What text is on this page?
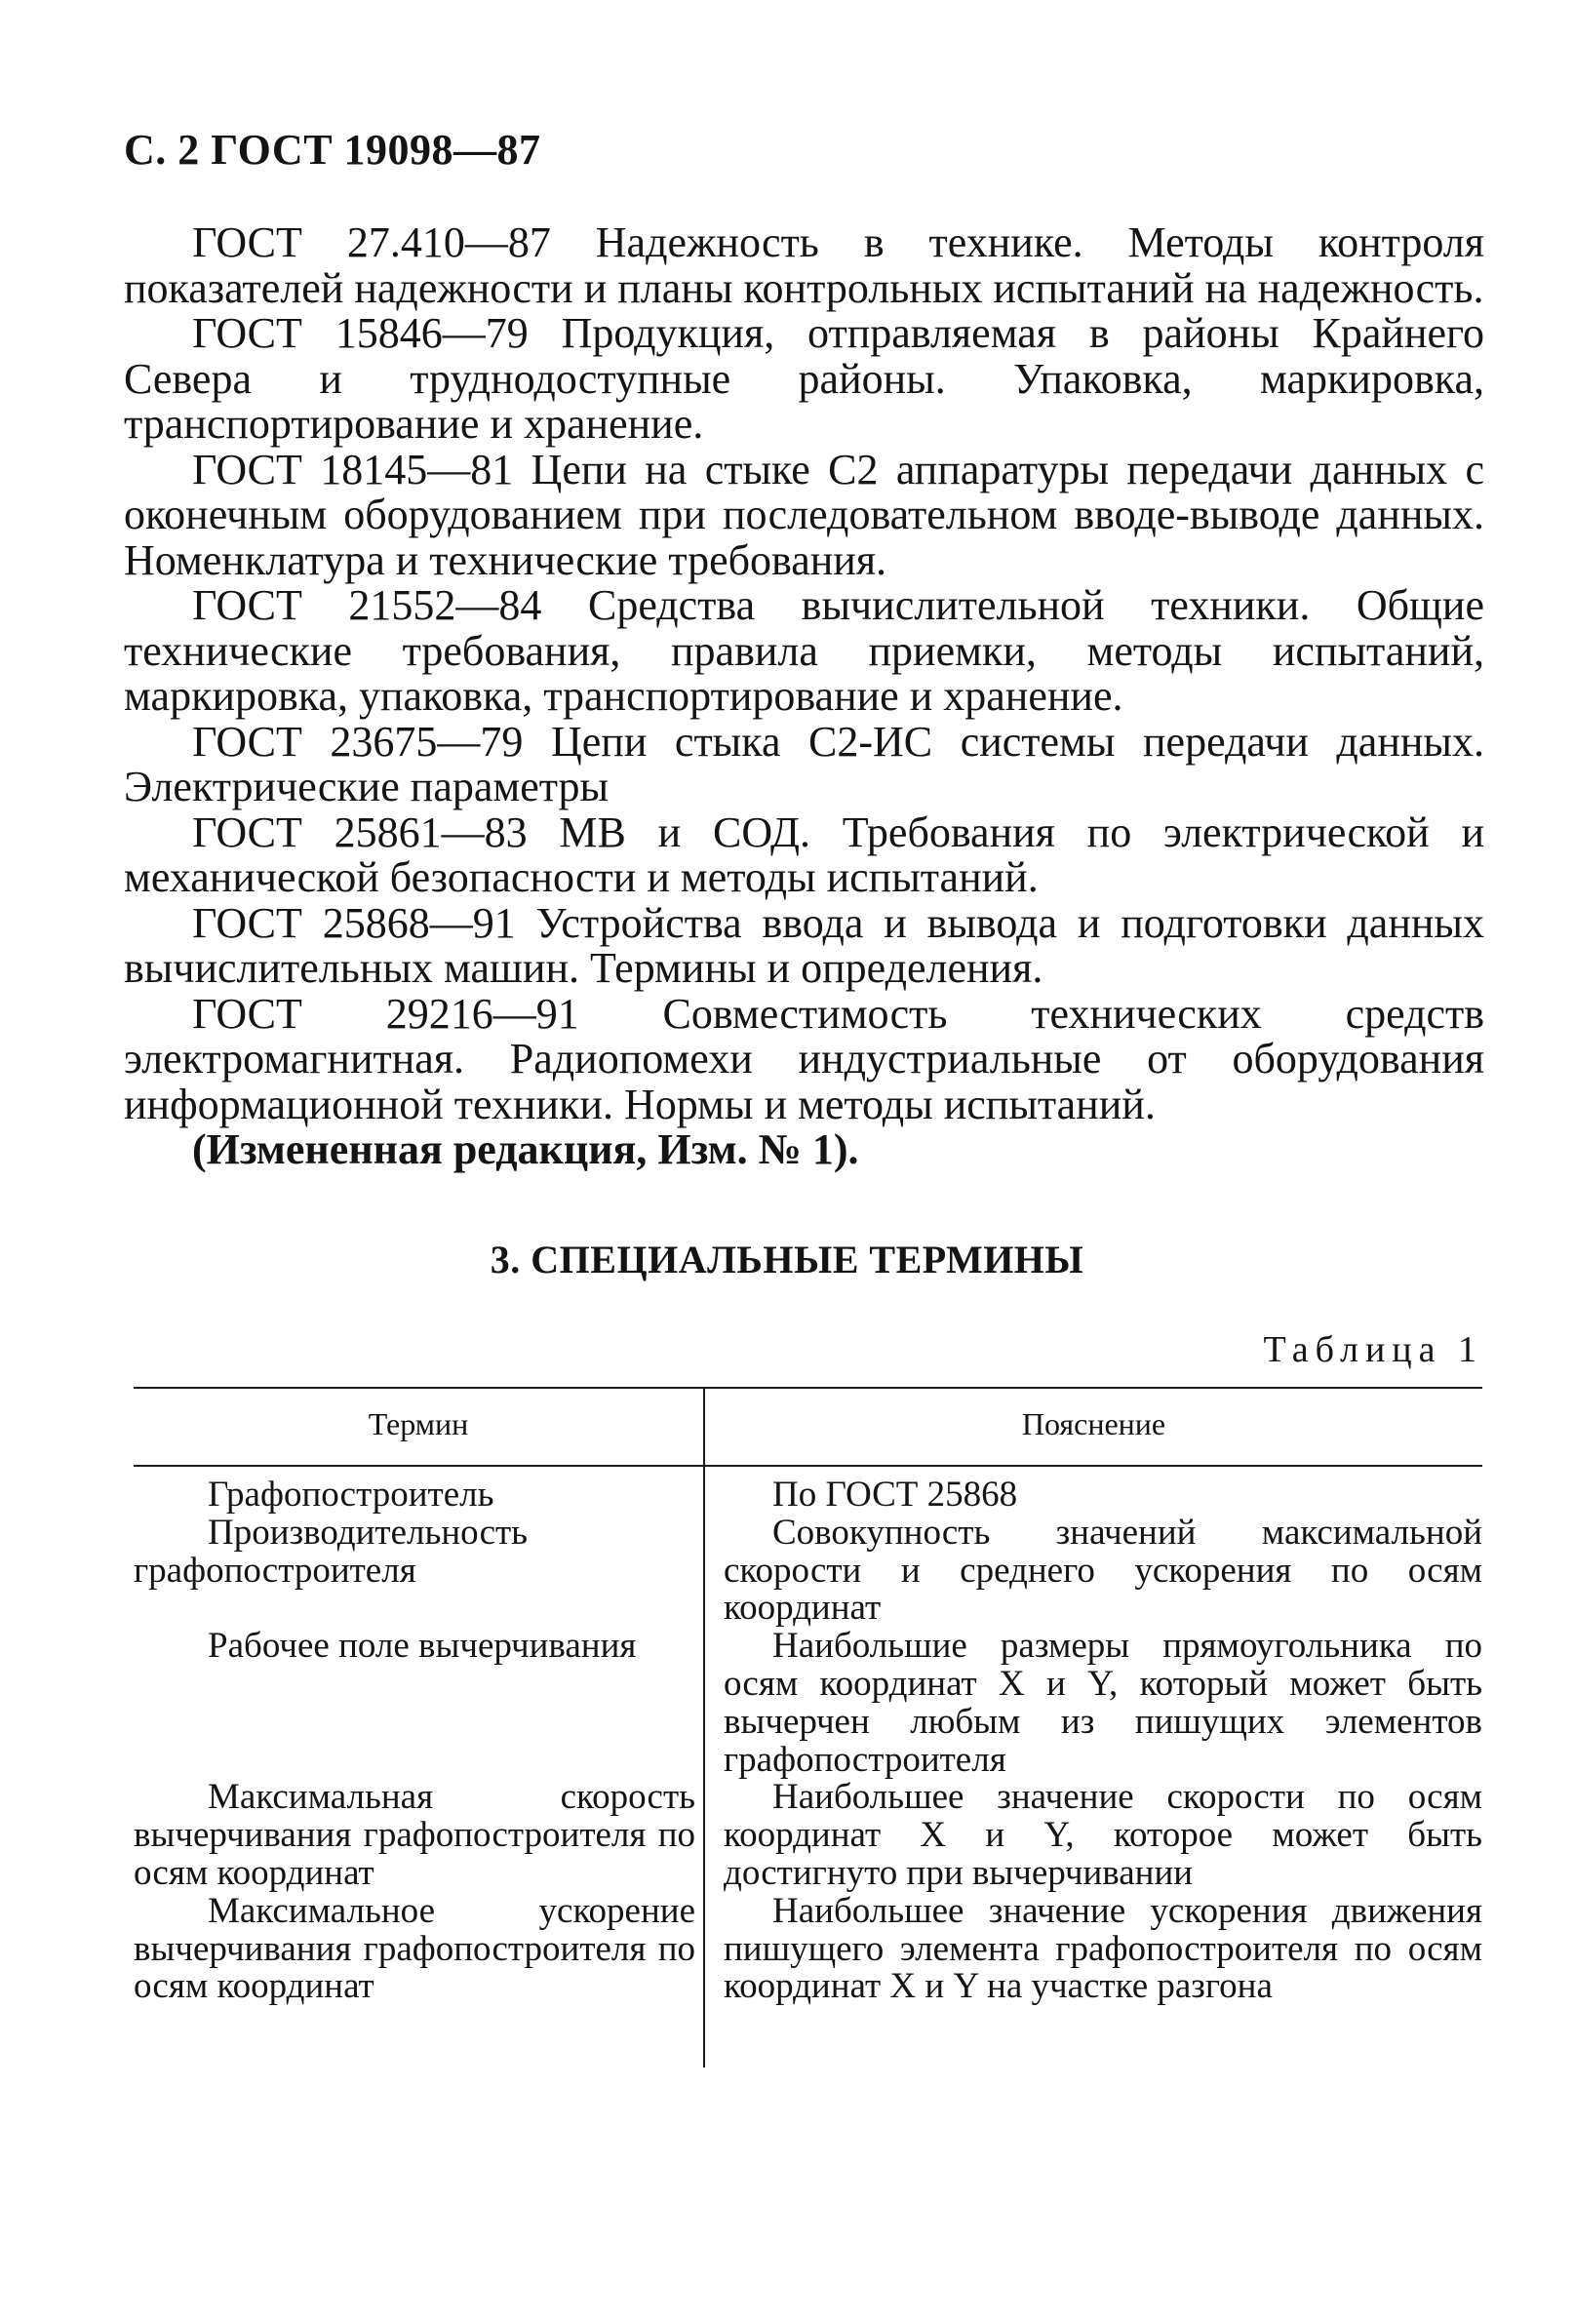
С. 2 ГОСТ 19098—87

ГОСТ 27.410—87 Надежность в технике. Методы контроля показателей надежности и планы контрольных испытаний на надежность.

ГОСТ 15846—79 Продукция, отправляемая в районы Крайнего Севера и труднодоступные районы. Упаковка, маркировка, транспортирование и хранение.

ГОСТ 18145—81 Цепи на стыке С2 аппаратуры передачи данных с оконечным оборудованием при последовательном вводе-выводе данных. Номенклатура и технические требования.

ГОСТ 21552—84 Средства вычислительной техники. Общие технические требования, правила приемки, методы испытаний, маркировка, упаковка, транспортирование и хранение.

ГОСТ 23675—79 Цепи стыка С2-ИС системы передачи данных. Электрические параметры

ГОСТ 25861—83 МВ и СОД. Требования по электрической и механической безопасности и методы испытаний.

ГОСТ 25868—91 Устройства ввода и вывода и подготовки данных вычислительных машин. Термины и определения.

ГОСТ 29216—91 Совместимость технических средств электромагнитная. Радиопомехи индустриальные от оборудования информационной техники. Нормы и методы испытаний.

(Измененная редакция, Изм. № 1).

3. СПЕЦИАЛЬНЫЕ ТЕРМИНЫ
Таблица 1
Термин	Пояснение

Графопостроитель

Производительность графопостроителя

Рабочее поле вычерчивания

Максимальная скорость вычерчивания графопостроителя по осям координат

Максимальное ускорение вычерчивания графопостроителя по осям координат

По ГОСТ 25868

Совокупность значений максимальной скорости и среднего ускорения по осям координат

Наибольшие размеры прямоугольника по осям координат X и Y, который может быть вычерчен любым из пишущих элементов графопостроителя

Наибольшее значение скорости по осям координат X и Y, которое может быть достигнуто при вычерчивании

Наибольшее значение ускорения движения пишущего элемента графопостроителя по осям координат X и Y на участке разгона
